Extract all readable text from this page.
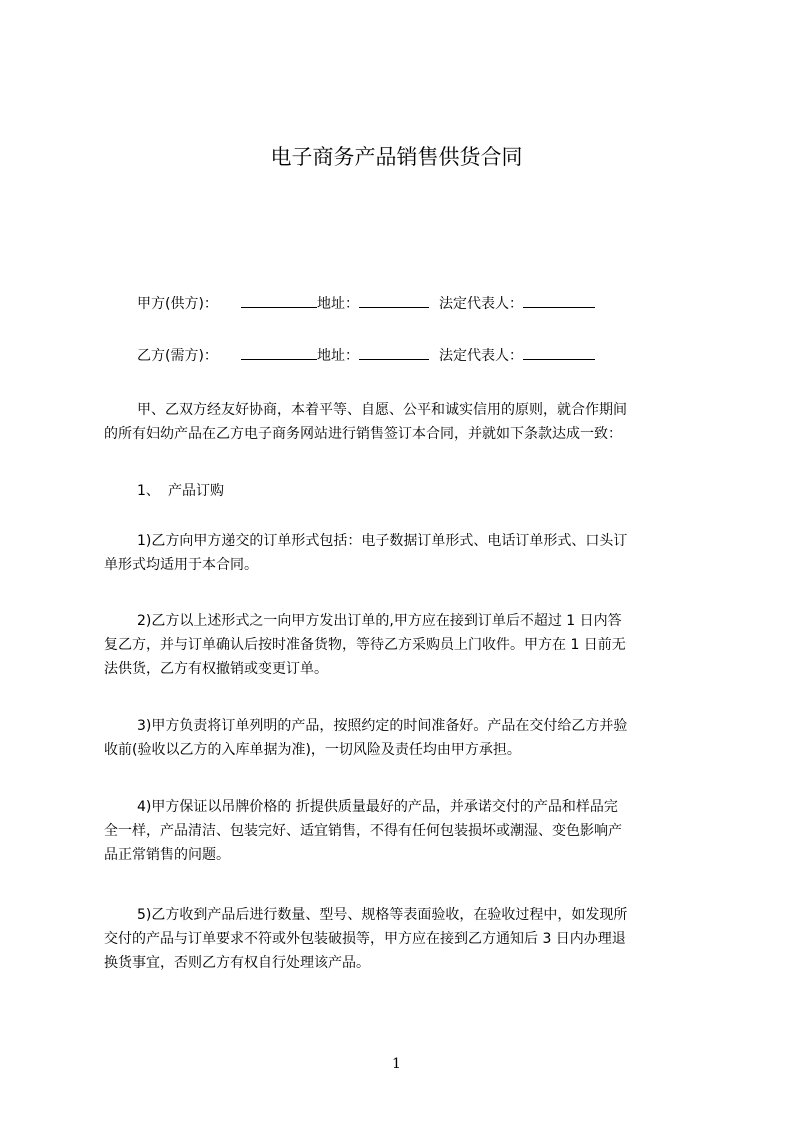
电子商务产品销售供货合同
甲方(供方)：	地址：	法定代表人：
乙方(需方)：	地址：	法定代表人：
甲、乙双方经友好协商，本着平等、自愿、公平和诚实信用的原则，就合作期间
的所有妇幼产品在乙方电子商务网站进行销售签订本合同，并就如下条款达成一致：
1、 产品订购
1)乙方向甲方递交的订单形式包括：电子数据订单形式、电话订单形式、口头订
单形式均适用于本合同。
2)乙方以上述形式之一向甲方发出订单的,甲方应在接到订单后不超过 1 日内答
复乙方，并与订单确认后按时准备货物，等待乙方采购员上门收件。甲方在 1 日前无
法供货，乙方有权撤销或变更订单。
3)甲方负责将订单列明的产品，按照约定的时间准备好。产品在交付给乙方并验
收前(验收以乙方的入库单据为准)，一切风险及责任均由甲方承担。
4)甲方保证以吊牌价格的 折提供质量最好的产品，并承诺交付的产品和样品完
全一样，产品清洁、包装完好、适宜销售，不得有任何包装损坏或潮湿、变色影响产
品正常销售的问题。
5)乙方收到产品后进行数量、型号、规格等表面验收，在验收过程中，如发现所
交付的产品与订单要求不符或外包装破损等，甲方应在接到乙方通知后 3 日内办理退
换货事宜，否则乙方有权自行处理该产品。
1
